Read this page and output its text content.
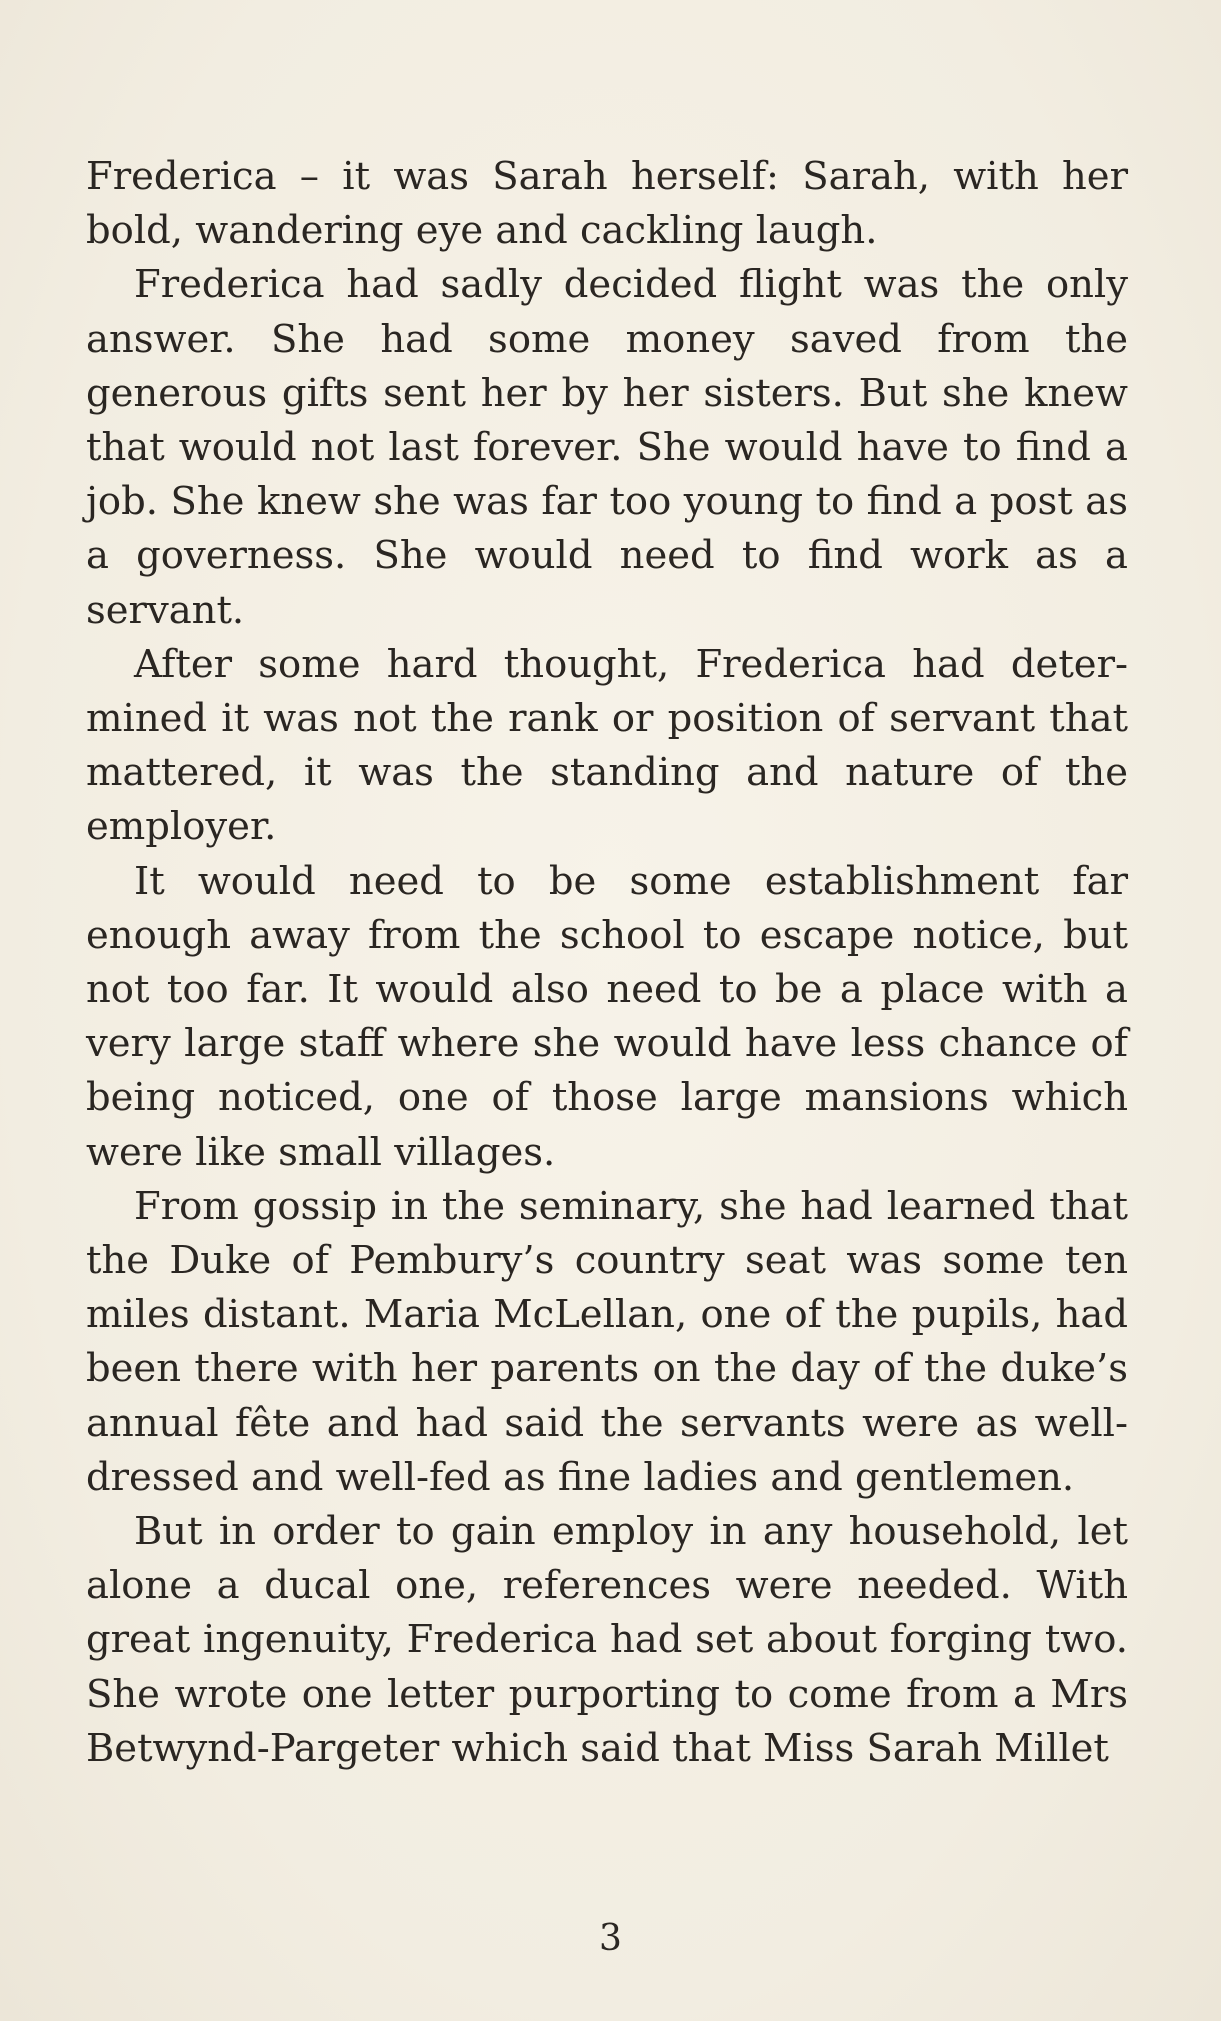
Frederica – it was Sarah herself: Sarah, with her bold, wandering eye and cackling laugh.

Frederica had sadly decided flight was the only answer. She had some money saved from the generous gifts sent her by her sisters. But she knew that would not last forever. She would have to find a job. She knew she was far too young to find a post as a governess. She would need to find work as a servant.

After some hard thought, Frederica had determined it was not the rank or position of servant that mattered, it was the standing and nature of the employer.

It would need to be some establishment far enough away from the school to escape notice, but not too far. It would also need to be a place with a very large staff where she would have less chance of being noticed, one of those large mansions which were like small villages.

From gossip in the seminary, she had learned that the Duke of Pembury’s country seat was some ten miles distant. Maria McLellan, one of the pupils, had been there with her parents on the day of the duke’s annual fête and had said the servants were as well-dressed and well-fed as fine ladies and gentlemen.

But in order to gain employ in any household, let alone a ducal one, references were needed. With great ingenuity, Frederica had set about forging two. She wrote one letter purporting to come from a Mrs Betwynd-Pargeter which said that Miss Sarah Millet

3
